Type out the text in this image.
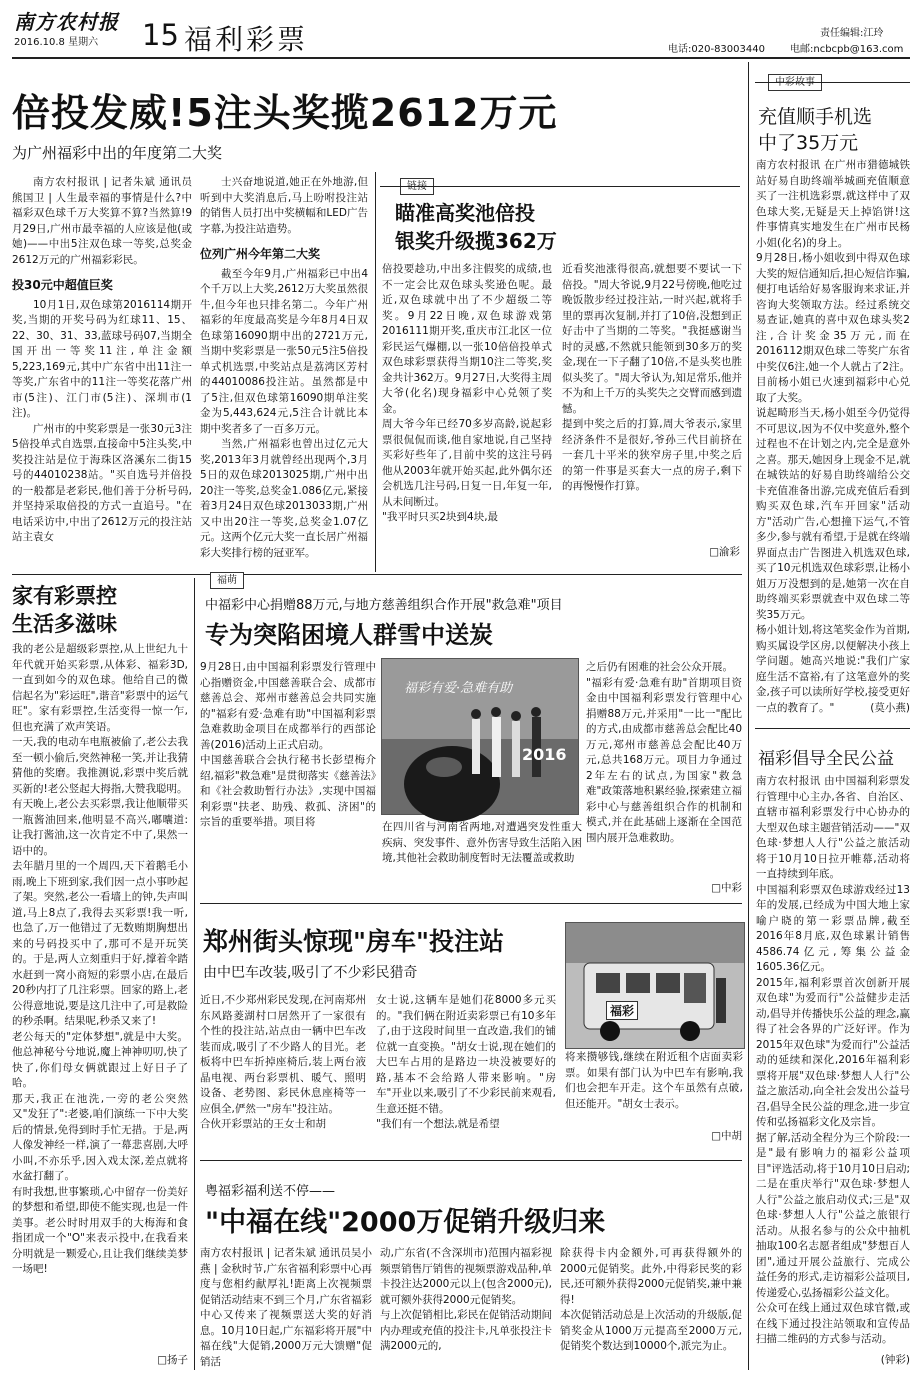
南方农村报
2016.10.8 星期六 15 福利彩票	责任编辑:江玲
电话:020-83003440	电邮:ncbcpb@163.com
倍投发威!5注头奖揽2612万元
为广州福彩中出的年度第二大奖

南方农村报讯 | 记者朱斌 通讯员熊国卫 | 人生最幸福的事情是什么?中福彩双色球千万大奖算不算?当然算!9月29日,广州市最幸福的人应该是他(或她)——中出5注双色球一等奖,总奖金2612万元的广州福彩彩民。

投30元中超值巨奖

10月1日,双色球第2016114期开奖,当期的开奖号码为红球11、15、22、30、31、33,蓝球号码07,当期全国开出一等奖11注,单注金额5,223,169元,其中广东省中出11注一等奖,广东省中的11注一等奖花落广州市(5注)、江门市(5注)、深圳市(1注)。

广州市的中奖彩票是一张30元3注5倍投单式自选票,直接命中5注头奖,中奖投注站是位于海珠区洛溪东二街15号的44010238站。"买自选号并倍投的一般都是老彩民,他们善于分析号码,并坚持采取倍投的方式一直追号。"在电话采访中,中出了2612万元的投注站站主袁女

士兴奋地说道,她正在外地游,但听到中大奖消息后,马上吩咐投注站的销售人员打出中奖横幅和LED广告字幕,为投注站造势。

位列广州今年第二大奖

截至今年9月,广州福彩已中出4个千万以上大奖,2612万大奖虽然很牛,但今年也只排名第二。今年广州福彩的年度最高奖是今年8月4日双色球第16090期中出的2721万元,当期中奖彩票是一张50元5注5倍投单式机选票,中奖站点是荔湾区芳村的44010086投注站。虽然都是中了5注,但双色球第16090期单注奖金为5,443,624元,5注合计就比本期中奖者多了一百多万元。

当然,广州福彩也曾出过亿元大奖,2013年3月就曾经出现两个,3月5日的双色球2013025期,广州中出20注一等奖,总奖金1.086亿元,紧接着3月24日双色球2013033期,广州又中出20注一等奖,总奖金1.07亿元。这两个亿元大奖一直长居广州福彩大奖排行榜的冠亚军。

瞄准高奖池倍投
银奖升级揽362万
倍投要趁功,中出多注假奖的成绩,也不一定会比双色球头奖逊色呢。最近,双色球就中出了不少超级二等奖。9月22日晚,双色球游戏第2016111期开奖,重庆市江北区一位彩民运气爆棚,以一张10倍倍投单式双色球彩票获得当期10注二等奖,奖金共计362万。9月27日,大奖得主周大爷(化名)现身福彩中心兑领了奖金。
周大爷今年已经70多岁高龄,说起彩票很侃侃而谈,他自家地说,自己坚持买彩好些年了,目前中奖的这注号码他从2003年就开始买起,此外偶尔还会机选几注号码,日复一日,年复一年,从未间断过。
"我平时只买2块到4块,最
近看奖池涨得很高,就想要不要试一下倍投。"周大爷说,9月22号傍晚,他吃过晚饭散步经过投注站,一时兴起,就将手里的票再次复制,并打了10倍,没想到正好击中了当期的二等奖。"我挺感谢当时的灵感,不然就只能领到30多万的奖金,现在一下子翻了10倍,不是头奖也胜似头奖了。"周大爷认为,知足常乐,他并不为和上千万的头奖失之交臂而感到遗憾。
提到中奖之后的打算,周大爷表示,家里经济条件不是很好,爷孙三代目前挤在一套几十平米的狭窄房子里,中奖之后的第一件事是买套大一点的房子,剩下的再慢慢作打算。
□渝彩
家有彩票控
生活多滋味
我的老公是超级彩票控,从上世纪九十年代就开始买彩票,从体彩、福彩3D,一直到如今的双色球。他给自己的微信起名为"彩运旺",谐音"彩票中的运气旺"。家有彩票控,生活变得一惊一乍,但也充满了欢声笑语。
一天,我的电动车电瓶被偷了,老公去我至一顿小偷后,突然神秘一笑,并让我猜猜他的奖磨。我推测说,彩票中奖后就买新的!老公竖起大拇指,大赞我聪明。
有天晚上,老公去买彩票,我让他顺带买一瓶酱油回来,他明显不高兴,嘟囔道:让我打酱油,这一次肯定不中了,果然一语中的。
去年腊月里的一个周四,天下着鹅毛小雨,晚上下班到家,我们因一点小事吵起了架。突然,老公一看墙上的钟,失声叫道,马上8点了,我得去买彩票!我一听,也急了,万一他错过了无数贿期胸想出来的号码投买中了,那可不是开玩笑的。于是,两人立刻重归于好,撑着伞踏水赶到一窝小商短的彩票小店,在最后20秒内打了几注彩票。回家的路上,老公得意地说,要是这几注中了,可是救险的秒杀啊。结果呢,秒杀又来了!
老公每天的"定体梦想",就是中大奖。他总神秘兮兮地说,魔上神神叨叨,快了快了,你们母女俩就跟过上好日子了哈。
那天,我正在池洗,一旁的老公突然又"发狂了":老婆,咱们演练一下中大奖后的情景,免得到时手忙无措。于是,两人像发神经一样,演了一幕悲喜剧,大呼小叫,不亦乐乎,因入戏太深,差点就将水盆打翻了。
有时我想,世事繁琐,心中留存一份美好的梦想和希望,即使不能实现,也是一件美事。老公时时用双手的大梅海和食指团成一个"O"来表示投中,在我看来分明就是一颗爱心,且让我们继续美梦一场吧!
□扬子
福萌
中福彩中心捐赠88万元,与地方慈善组织合作开展"救急难"项目
专为突陷困境人群雪中送炭
9月28日,由中国福利彩票发行管理中心指赠资金,中国慈善联合会、成都市慈善总会、郑州市慈善总会共同实施的"福彩有爱·急难有助"中国福利彩票急难救助金项目在成都举行的西部论善(2016)活动上正式启动。
中国慈善联合会执行秘书长彭望梅介绍,福彩"救急难"是贯彻落实《慈善法》和《社会救助暂行办法》,实现中国福利彩票"扶老、助残、救孤、济困"的宗旨的重要举措。项目将
福彩有爱·急难有助
2016
之后仍有困难的社会公众开展。
"福彩有爱·急难有助"首期项目资金由中国福利彩票发行管理中心捐赠88万元,并采用"一比一"配比的方式,由成都市慈善总会配比40万元,郑州市慈善总会配比40万元,总共168万元。项目力争通过2年左右的试点,为国家"救急难"政策落地积累经验,探索建立福彩中心与慈善组织合作的机制和模式,并在此基础上逐渐在全国范围内展开急难救助。
在四川省与河南省两地,对遭遇突发性重大疾病、突发事件、意外伤害导致生活陷入困境,其他社会救助制度暂时无法覆盖或救助
□中彩
郑州街头惊现"房车"投注站
由中巴车改装,吸引了不少彩民猎奇
福彩
近日,不少郑州彩民发现,在河南郑州东风路菱湖村口居然开了一家很有个性的投注站,站点由一辆中巴车改装而成,吸引了不少路人的目光。老板将中巴车折掉座椅后,装上两台液晶电视、两台彩票机、暖气、照明设备、老势图、彩民休息座椅等一应俱全,俨然一"房车"投注站。
合伙开彩票站的王女士和胡
女士说,这辆车是她们花8000多元买的。"我们俩在附近卖彩票已有10多年了,由于这段时间里一直改造,我们的铺位就一直变换。"胡女士说,现在她们的大巴车占用的是路边一块没被要好的路,基本不会给路人带来影响。"房车"开业以来,吸引了不少彩民前来观看,生意还挺不错。
"我们有一个想法,就是希望
将来攒够钱,继续在附近租个店面卖彩票。如果有部门认为中巴车有影响,我们也会把车开走。这个车虽然有点破,但还能开。"胡女士表示。
□中胡
粤福彩福利送不停——
"中福在线"2000万促销升级归来
南方农村报讯 | 记者朱斌 通讯员吴小燕 | 金秋时节,广东省福利彩票中心再度与您相约献厚礼!距离上次视频票促销活动结束不到三个月,广东省福彩中心又传来了视频票送大奖的好消息。10月10日起,广东福彩将开展"中福在线"大促销,2000万元大馈赠"促销活
动,广东省(不含深圳市)范围内福彩视频票销售厅销售的视频票游戏品种,单卡投注达2000元以上(包含2000元),就可额外获得2000元促销奖。
与上次促销相比,彩民在促销活动期间内办理或充值的投注卡,凡单张投注卡满2000元的,
除获得卡内金额外,可再获得额外的2000元促销奖。此外,中得彩民奖的彩民,还可额外获得2000元促销奖,兼中兼得!
本次促销活动总是上次活动的升级版,促销奖金从1000万元提高至2000万元,促销奖个数达到10000个,派完为止。
充值顺手机选
中了35万元
南方农村报讯 在广州市猎德城铁站好易自助终端举城画充值顺意买了一注机选彩票,就这样中了双色球大奖,无疑是天上掉馅饼!这件事情真实地发生在广州市民杨小姐(化名)的身上。
9月28日,杨小姐收到中得双色球大奖的短信通知后,担心短信诈骗,便打电话给好易客服询来求证,并咨询大奖领取方法。经过系统交易查证,她真的喜中双色球头奖2注,合计奖金35万元,而在2016112期双色球二等奖广东省中奖仅6注,她一个人就占了2注。目前杨小姐已火速到福彩中心兑取了大奖。
说起畸形当天,杨小姐至今仍觉得不可思议,因为不仅中奖意外,整个过程也不在计划之内,完全是意外之喜。那天,她因身上现金不足,就在城铁站的好易自助终端给公交卡充值准备出游,完成充值后看到购买双色球,汽车开回家"活动方"活动广告,心想撞下运气,不管多少,参与就有希望,于是就在终端界面点击广告图进入机选双色球,买了10元机选双色球彩票,让杨小姐万万没想到的是,她第一次在自助终端买彩票就查中双色球二等奖35万元。
杨小姐计划,将这笔奖金作为首期,购买属设学区房,以便解决小孩上学问题。她高兴地说:"我们广家庭生活不富裕,有了这笔意外的奖金,孩子可以读所好学校,接受更好一点的教育了。"	(莫小燕)
福彩倡导全民公益
南方农村报讯 由中国福利彩票发行管理中心主办,各省、自治区、直辖市福利彩票发行中心协办的大型双色球主题营销活动——"双色球·梦想人人行"公益之旅活动将于10月10日拉开帷幕,活动将一直持续到年底。
中国福利彩票双色球游戏经过13年的发展,已经成为中国大地上家喻户晓的第一彩票品牌,截至2016年8月底,双色球累计销售4586.74亿元,筹集公益金1605.36亿元。
2015年,福利彩票首次创新开展双色球"为爱而行"公益健步走活动,倡导并传播快乐公益的理念,赢得了社会各界的广泛好评。作为2015年双色球"为爱而行"公益活动的延续和深化,2016年福利彩票将开展"双色球·梦想人人行"公益之旅活动,向全社会发出公益号召,倡导全民公益的理念,进一步宣传和弘扬福彩文化及宗旨。
据了解,活动全程分为三个阶段:一是"最有影响力的福彩公益项目"评选活动,将于10月10日启动;二是在重庆举行"双色球·梦想人人行"公益之旅启动仪式;三是"双色球·梦想人人行"公益之旅银行活动。从报名参与的公众中抽机抽取100名志愿者组成"梦想百人团",通过开展公益旅行、完成公益任务的形式,走访福彩公益项目,传递爱心,弘扬福彩公益文化。
公众可在线上通过双色球官微,或在线下通过投注站领取和宣传品扫描二维码的方式参与活动。
(钟彩)
